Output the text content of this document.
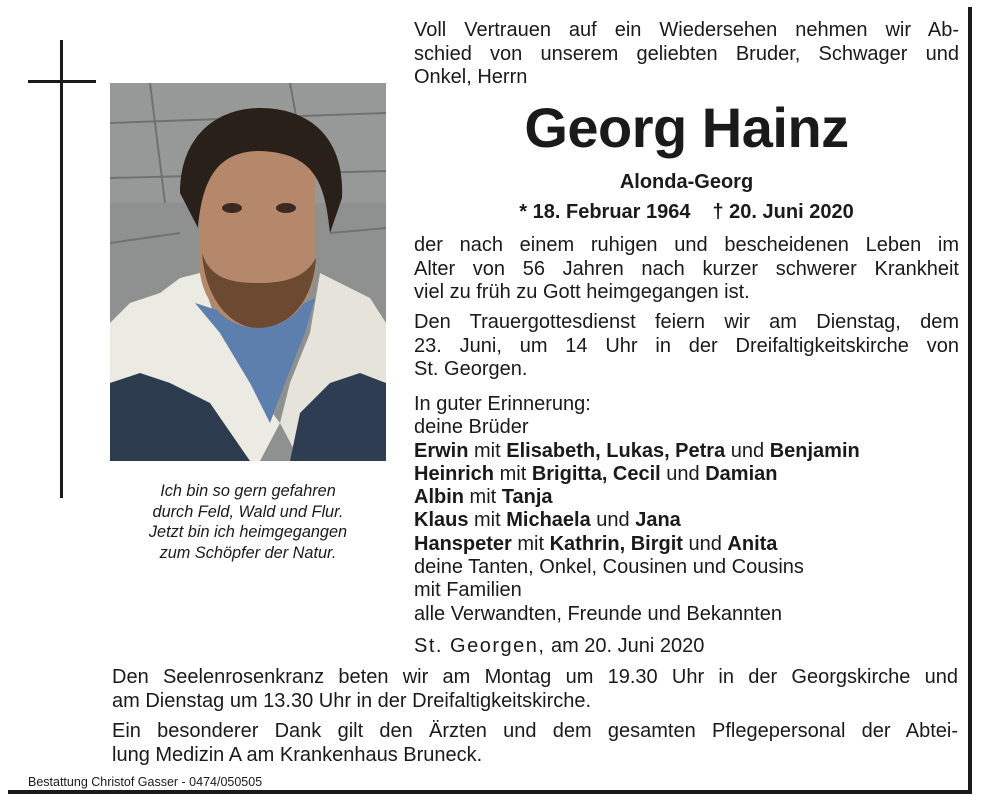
Ich bin so gern gefahren
durch Feld, Wald und Flur.
Jetzt bin ich heimgegangen
zum Schöpfer der Natur.
Voll Vertrauen auf ein Wiedersehen nehmen wir Ab-
schied von unserem geliebten Bruder, Schwager und
Onkel, Herrn
Georg Hainz
Alonda-Georg
* 18. Februar 1964 † 20. Juni 2020
der nach einem ruhigen und bescheidenen Leben im
Alter von 56 Jahren nach kurzer schwerer Krankheit
viel zu früh zu Gott heimgegangen ist.
Den Trauergottesdienst feiern wir am Dienstag, dem
23. Juni, um 14 Uhr in der Dreifaltigkeitskirche von
St. Georgen.
In guter Erinnerung:
deine Brüder
Erwin mit Elisabeth, Lukas, Petra und Benjamin
Heinrich mit Brigitta, Cecil und Damian
Albin mit Tanja
Klaus mit Michaela und Jana
Hanspeter mit Kathrin, Birgit und Anita
deine Tanten, Onkel, Cousinen und Cousins
mit Familien
alle Verwandten, Freunde und Bekannten
St. Georgen, am 20. Juni 2020
Den Seelenrosenkranz beten wir am Montag um 19.30 Uhr in der Georgskirche und
am Dienstag um 13.30 Uhr in der Dreifaltigkeitskirche.
Ein besonderer Dank gilt den Ärzten und dem gesamten Pflegepersonal der Abtei-
lung Medizin A am Krankenhaus Bruneck.
Bestattung Christof Gasser - 0474/050505
